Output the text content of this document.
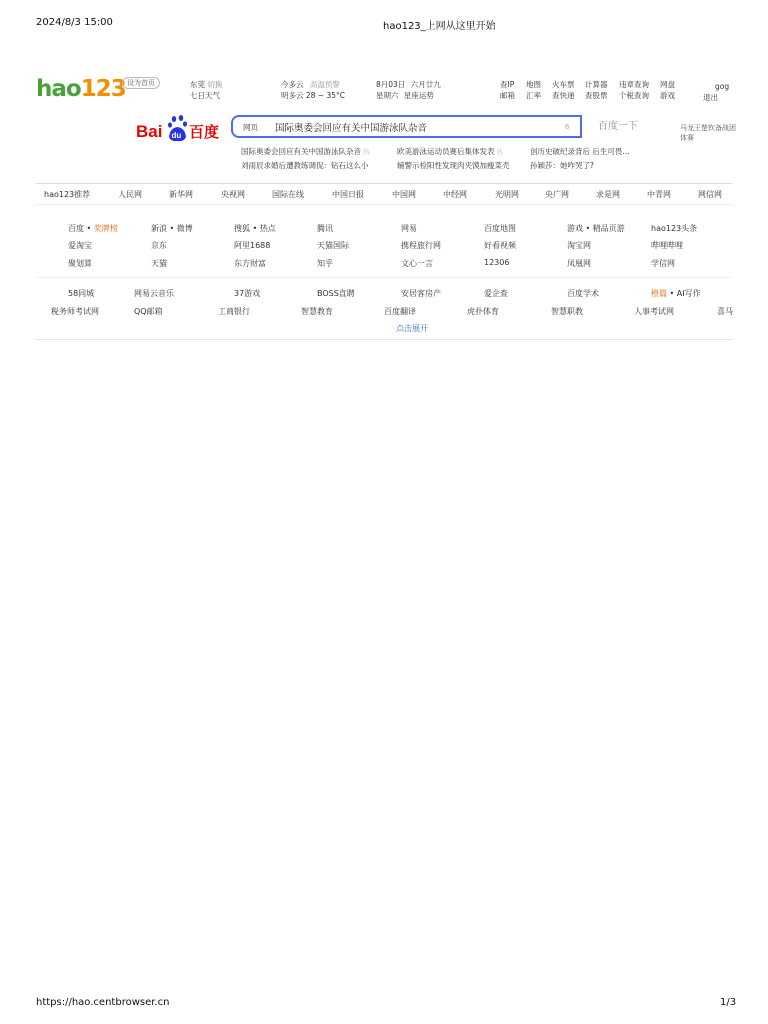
2024/8/3 15:00	hao123_上网从这里开始
https://hao.centbrowser.cn	1/3
hao123 设为首页	东莞 切换
七日天气
今多云 高温预警
明多云 28 ~ 35°C
8月03日 六月廿九
星期六 星座运势
查IP 地图 火车票 计算器 违章查询 网盘
邮箱 汇率 查快递 查股票 个税查询 游戏
gog
退出
Bai du 百度	网页
国际奥委会回应有关中国游泳队杂音	6	百度一下	马龙王楚钦备战团体赛
国际奥委会回应有关中国游泳队杂音 热	欧美游泳运动员赛后集体发表 热	创历史破纪录背后 后生可畏...
刘雨辰求婚后遭教练调侃：钻石这么小	辅警示检阳性发现肉夹馍加瘦菜壳	孙颖莎：她咋哭了?
hao123推荐	人民网	新华网	央视网	国际在线	中国日报	中国网	中经网	光明网	央广网	求是网	中青网	网信网
百度 • 奖牌榜	新浪 • 微博	搜狐 • 热点	腾讯	网易	百度地图	游戏 • 精品页游	hao123头条
爱淘宝	京东	阿里1688	天猫国际	携程旅行网	好看视频	淘宝网	哔哩哔哩
聚划算	天猫	东方财富	知乎	文心一言	12306	凤凰网	学信网
58同城	网易云音乐	37游戏	BOSS直聘	安居客房产	爱企查	百度学术	橙篇 • AI写作
税务师考试网	QQ邮箱	工商银行	智慧教育	百度翻译	虎扑体育	智慧职教	人事考试网	喜马
点击展开
